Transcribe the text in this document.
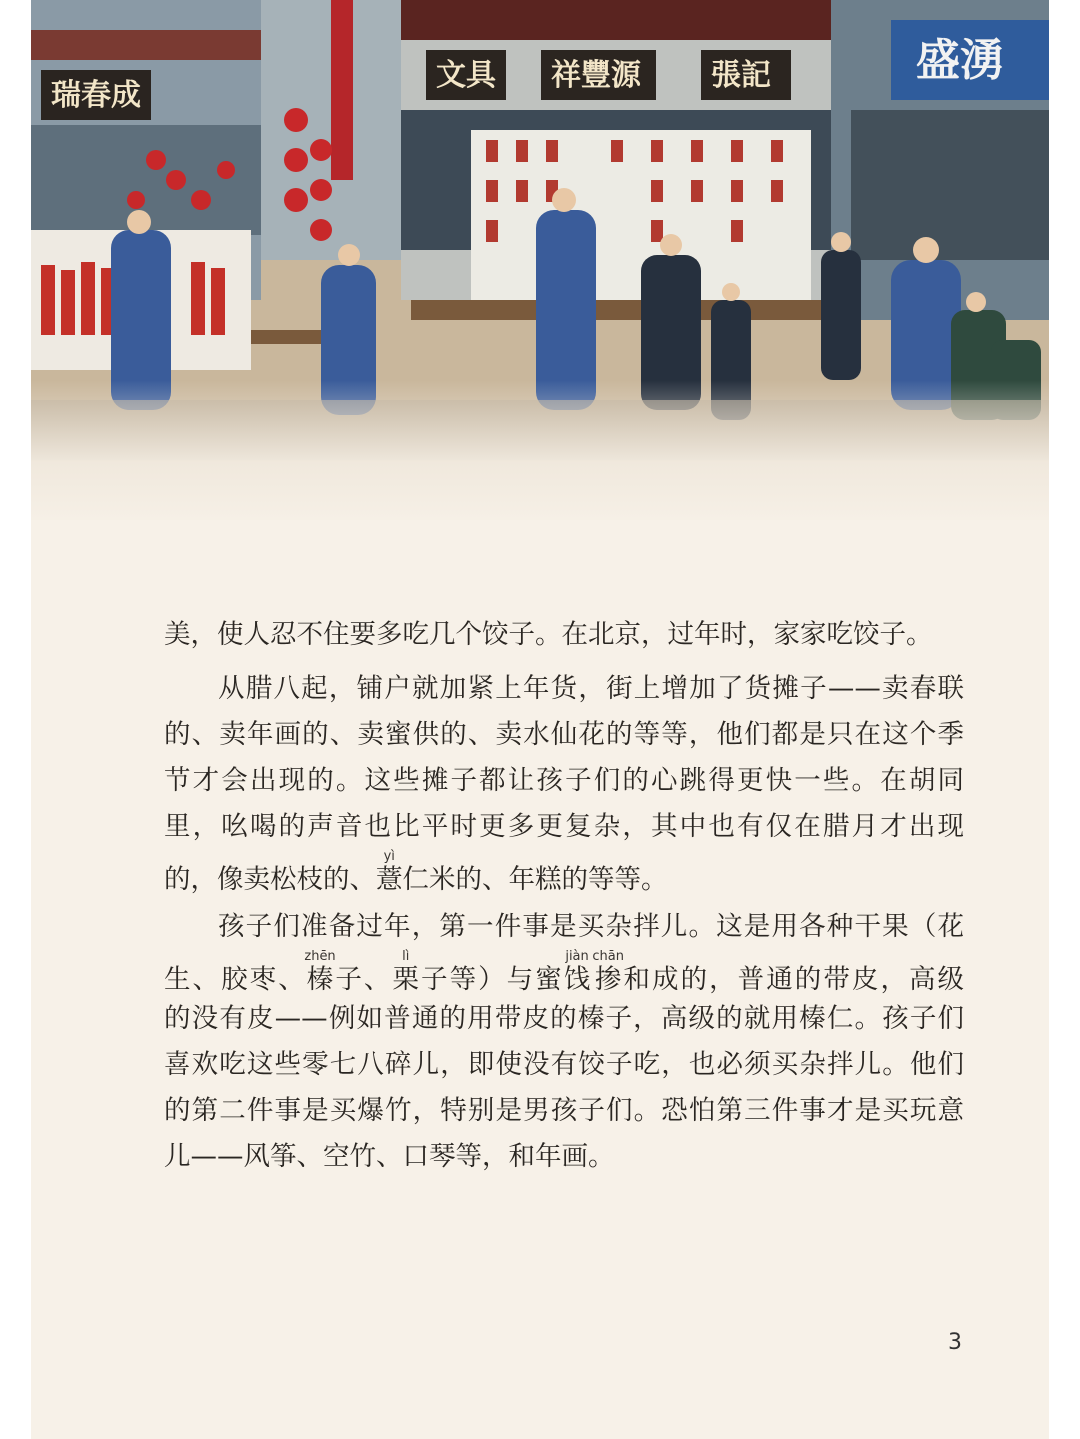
瑞春成
文具 祥豐源 張記	盛湧
美，使人忍不住要多吃几个饺子。在北京，过年时，家家吃饺子。
从腊八起，铺户就加紧上年货，街上增加了货摊子——卖春联
的、卖年画的、卖蜜供的、卖水仙花的等等，他们都是只在这个季
节才会出现的。这些摊子都让孩子们的心跳得更快一些。在胡同
里，吆喝的声音也比平时更多更复杂，其中也有仅在腊月才出现
的，像卖松枝的、薏yì仁米的、年糕的等等。
孩子们准备过年，第一件事是买杂拌儿。这是用各种干果（花
生、胶枣、榛zhēn子、栗lì子等）与蜜饯jiàn掺chān和成的，普通的带皮，高级
的没有皮——例如普通的用带皮的榛子，高级的就用榛仁。孩子们
喜欢吃这些零七八碎儿，即使没有饺子吃，也必须买杂拌儿。他们
的第二件事是买爆竹，特别是男孩子们。恐怕第三件事才是买玩意
儿——风筝、空竹、口琴等，和年画。
3
